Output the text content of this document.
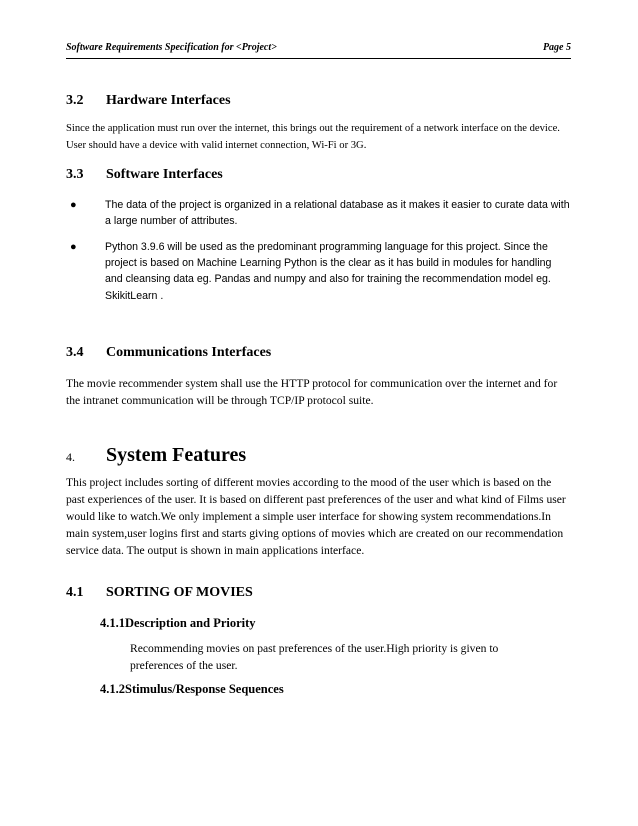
Software Requirements Specification for <Project>	Page 5
3.2 Hardware Interfaces

Since the application must run over the internet, this brings out the requirement of a network interface on the device. User should have a device with valid internet connection, Wi-Fi or 3G.

3.3 Software Interfaces
●	The data of the project is organized in a relational database as it makes it easier to curate data with a large number of attributes.
●	Python 3.9.6 will be used as the predominant programming language for this project. Since the project is based on Machine Learning Python is the clear as it has build in modules for handling and cleansing data eg. Pandas and numpy and also for training the recommendation model eg. SkikitLearn .
3.4 Communications Interfaces

The movie recommender system shall use the HTTP protocol for communication over the internet and for the intranet communication will be through TCP/IP protocol suite.

4. System Features

This project includes sorting of different movies according to the mood of the user which is based on the past experiences of the user. It is based on different past preferences of the user and what kind of Films user would like to watch.We only implement a simple user interface for showing system recommendations.In main system,user logins first and starts giving options of movies which are created on our recommendation service data. The output is shown in main applications interface.

4.1 SORTING OF MOVIES
4.1.1Description and Priority

Recommending movies on past preferences of the user.High priority is given to preferences of the user.

4.1.2Stimulus/Response Sequences
